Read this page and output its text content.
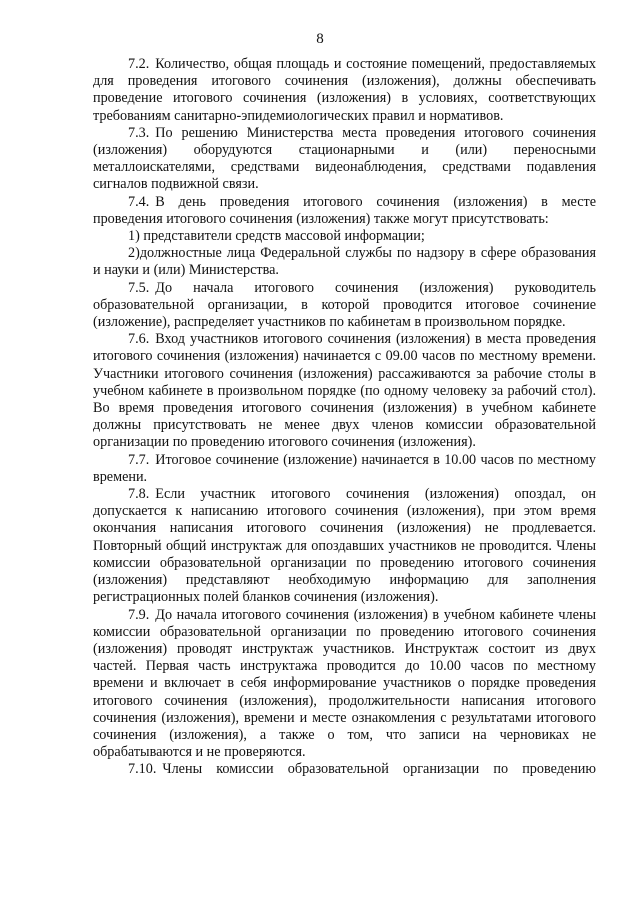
8

7.2. Количество, общая площадь и состояние помещений, предоставляемых для проведения итогового сочинения (изложения), должны обеспечивать проведение итогового сочинения (изложения) в условиях, соответствующих требованиям санитарно-эпидемиологических правил и нормативов.

7.3. По решению Министерства места проведения итогового сочинения (изложения) оборудуются стационарными и (или) переносными металлоискателями, средствами видеонаблюдения, средствами подавления сигналов подвижной связи.

7.4. В день проведения итогового сочинения (изложения) в месте проведения итогового сочинения (изложения) также могут присутствовать:

1) представители средств массовой информации;

2)должностные лица Федеральной службы по надзору в сфере образования и науки и (или) Министерства.

7.5. До начала итогового сочинения (изложения) руководитель образовательной организации, в которой проводится итоговое сочинение (изложение), распределяет участников по кабинетам в произвольном порядке.

7.6. Вход участников итогового сочинения (изложения) в места проведения итогового сочинения (изложения) начинается с 09.00 часов по местному времени. Участники итогового сочинения (изложения) рассаживаются за рабочие столы в учебном кабинете в произвольном порядке (по одному человеку за рабочий стол). Во время проведения итогового сочинения (изложения) в учебном кабинете должны присутствовать не менее двух членов комиссии образовательной организации по проведению итогового сочинения (изложения).

7.7. Итоговое сочинение (изложение) начинается в 10.00 часов по местному времени.

7.8. Если участник итогового сочинения (изложения) опоздал, он допускается к написанию итогового сочинения (изложения), при этом время окончания написания итогового сочинения (изложения) не продлевается. Повторный общий инструктаж для опоздавших участников не проводится. Члены комиссии образовательной организации по проведению итогового сочинения (изложения) представляют необходимую информацию для заполнения регистрационных полей бланков сочинения (изложения).

7.9. До начала итогового сочинения (изложения) в учебном кабинете члены комиссии образовательной организации по проведению итогового сочинения (изложения) проводят инструктаж участников. Инструктаж состоит из двух частей. Первая часть инструктажа проводится до 10.00 часов по местному времени и включает в себя информирование участников о порядке проведения итогового сочинения (изложения), продолжительности написания итогового сочинения (изложения), времени и месте ознакомления с результатами итогового сочинения (изложения), а также о том, что записи на черновиках не обрабатываются и не проверяются.

7.10. Члены комиссии образовательной организации по проведению
